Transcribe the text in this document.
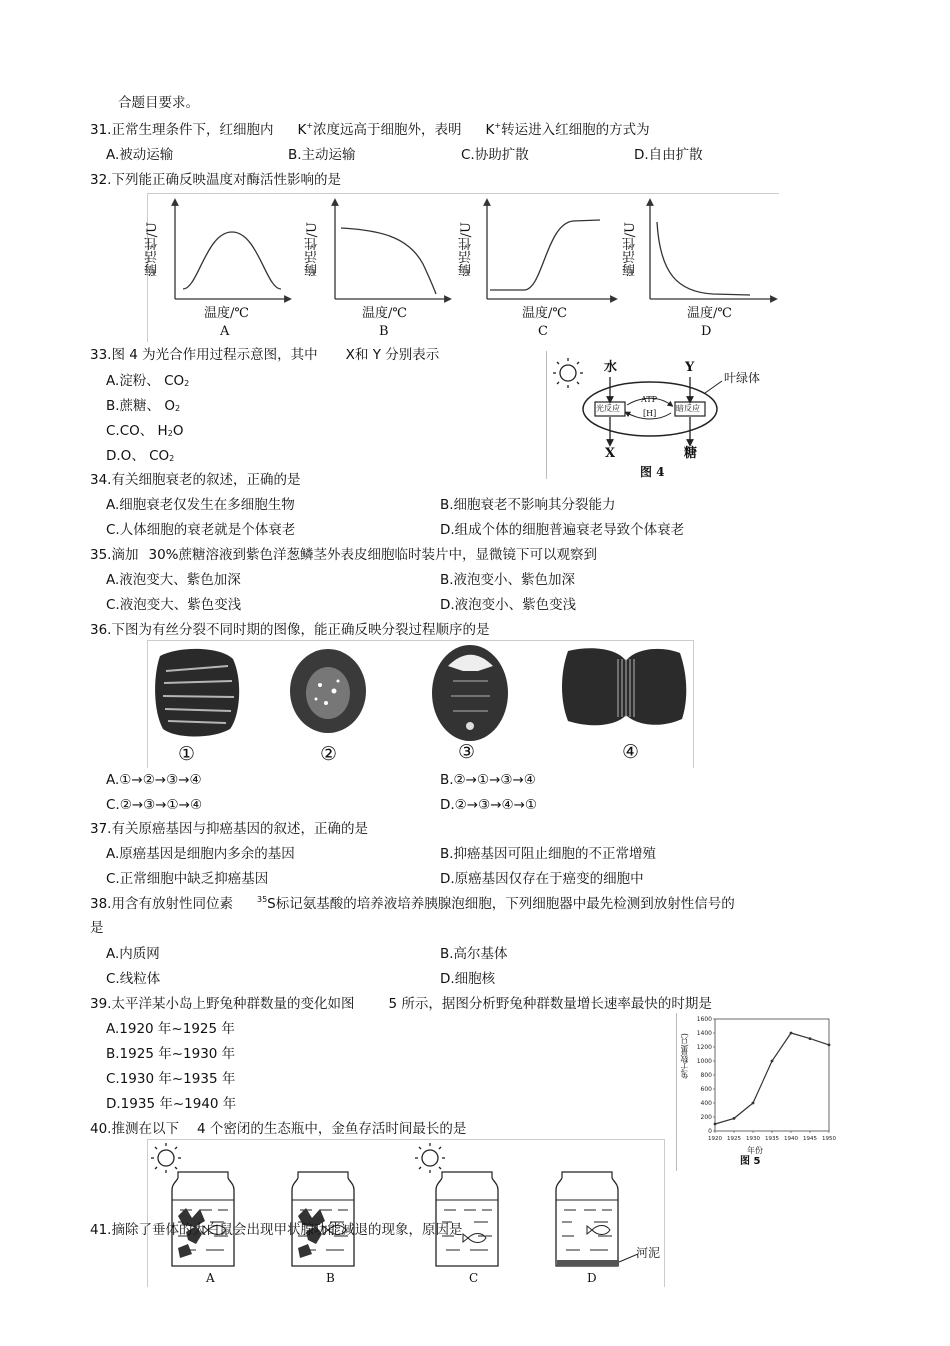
合题目要求。
31.正常生理条件下，红细胞内 K+浓度远高于细胞外，表明 K+转运进入红细胞的方式为
A.被动运输	B.主动运输	C.协助扩散	D.自由扩散
32.下列能正确反映温度对酶活性影响的是
酶活性/U	酶活性/U	酶活性/U	酶活性/U
温度/℃	温度/℃	温度/℃	温度/℃
A	B	C	D
33.图 4 为光合作用过程示意图，其中 X和 Y 分别表示
A.淀粉、 $CO_2$
B.蔗糖、 $O_2$
C.CO、 $H_2O$
D.O、 $CO_2$
水	Y
叶绿体
光反应	暗反应
ATP
[H]
X	糖
图 4
34.有关细胞衰老的叙述，正确的是
A.细胞衰老仅发生在多细胞生物	B.细胞衰老不影响其分裂能力
C.人体细胞的衰老就是个体衰老	D.组成个体的细胞普遍衰老导致个体衰老
35.滴加 30%蔗糖溶液到紫色洋葱鳞茎外表皮细胞临时装片中，显微镜下可以观察到
A.液泡变大、紫色加深	B.液泡变小、紫色加深
C.液泡变大、紫色变浅	D.液泡变小、紫色变浅
36.下图为有丝分裂不同时期的图像，能正确反映分裂过程顺序的是
①	②	③	④
A.①→②→③→④	B.②→①→③→④
C.②→③→①→④	D.②→③→④→①
37.有关原癌基因与抑癌基因的叙述，正确的是
A.原癌基因是细胞内多余的基因	B.抑癌基因可阻止细胞的不正常增殖
C.正常细胞中缺乏抑癌基因	D.原癌基因仅存在于癌变的细胞中
38.用含有放射性同位素	$^{35}$S标记氨基酸的培养液培养胰腺泡细胞，下列细胞器中最先检测到放射性信号的
是
A.内质网	B.高尔基体
C.线粒体	D.细胞核
39.太平洋某小岛上野兔种群数量的变化如图	5 所示，据图分析野兔种群数量增长速率最快的时期是
A.1920 年~1925 年
B.1925 年~1930 年
C.1930 年~1935 年
D.1935 年~1940 年
0
200
400
600
800
1000
1200
1400
1600
1920 1925 1930 1935 1940 1945 1950
兔子数量(只)
年份
图 5
40.推测在以下 4 个密闭的生态瓶中，金鱼存活时间最长的是
A	B	C	D
河泥
41.摘除了垂体的大白鼠会出现甲状腺功能减退的现象，原因是
